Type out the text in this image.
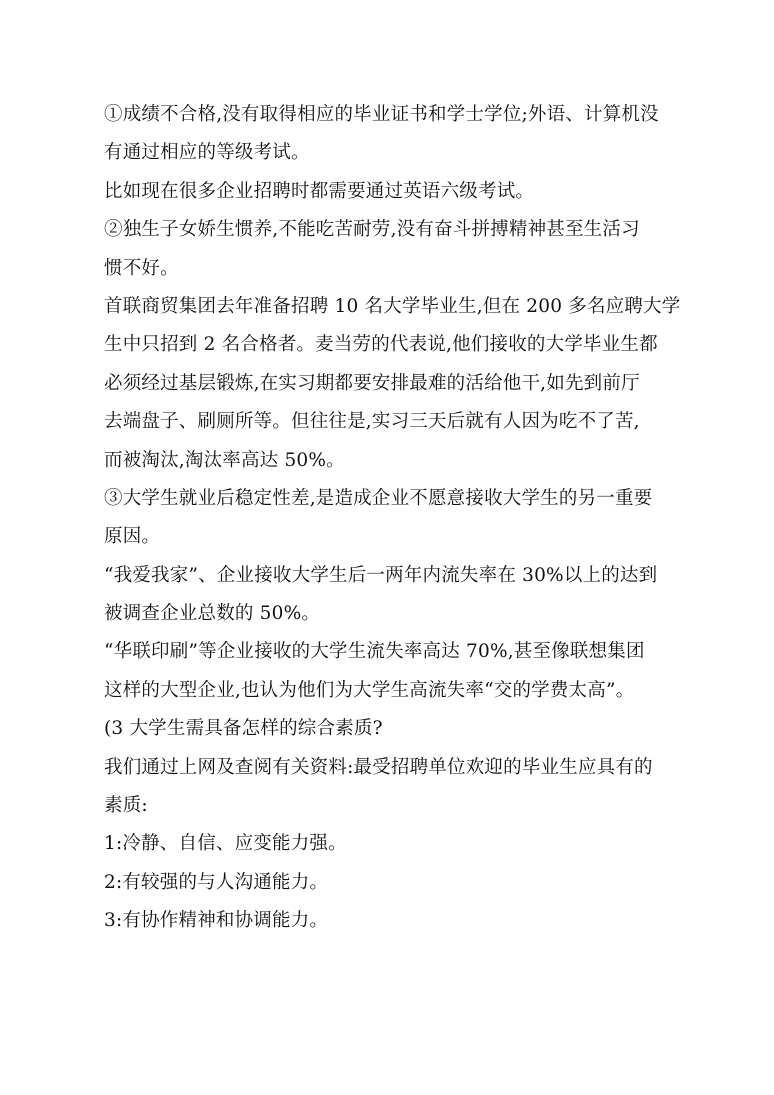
①成绩不合格,没有取得相应的毕业证书和学士学位;外语、计算机没
有通过相应的等级考试。

比如现在很多企业招聘时都需要通过英语六级考试。

②独生子女娇生惯养,不能吃苦耐劳,没有奋斗拼搏精神甚至生活习
惯不好。

首联商贸集团去年准备招聘 10 名大学毕业生,但在 200 多名应聘大学
生中只招到 2 名合格者。麦当劳的代表说,他们接收的大学毕业生都
必须经过基层锻炼,在实习期都要安排最难的活给他干,如先到前厅
去端盘子、刷厕所等。但往往是,实习三天后就有人因为吃不了苦,
而被淘汰,淘汰率高达 50%。

③大学生就业后稳定性差,是造成企业不愿意接收大学生的另一重要
原因。

“我爱我家”、企业接收大学生后一两年内流失率在 30%以上的达到
被调查企业总数的 50%。

“华联印刷”等企业接收的大学生流失率高达 70%,甚至像联想集团
这样的大型企业,也认为他们为大学生高流失率“交的学费太高”。

(3 大学生需具备怎样的综合素质?

我们通过上网及查阅有关资料:最受招聘单位欢迎的毕业生应具有的
素质:

1:冷静、自信、应变能力强。

2:有较强的与人沟通能力。

3:有协作精神和协调能力。
